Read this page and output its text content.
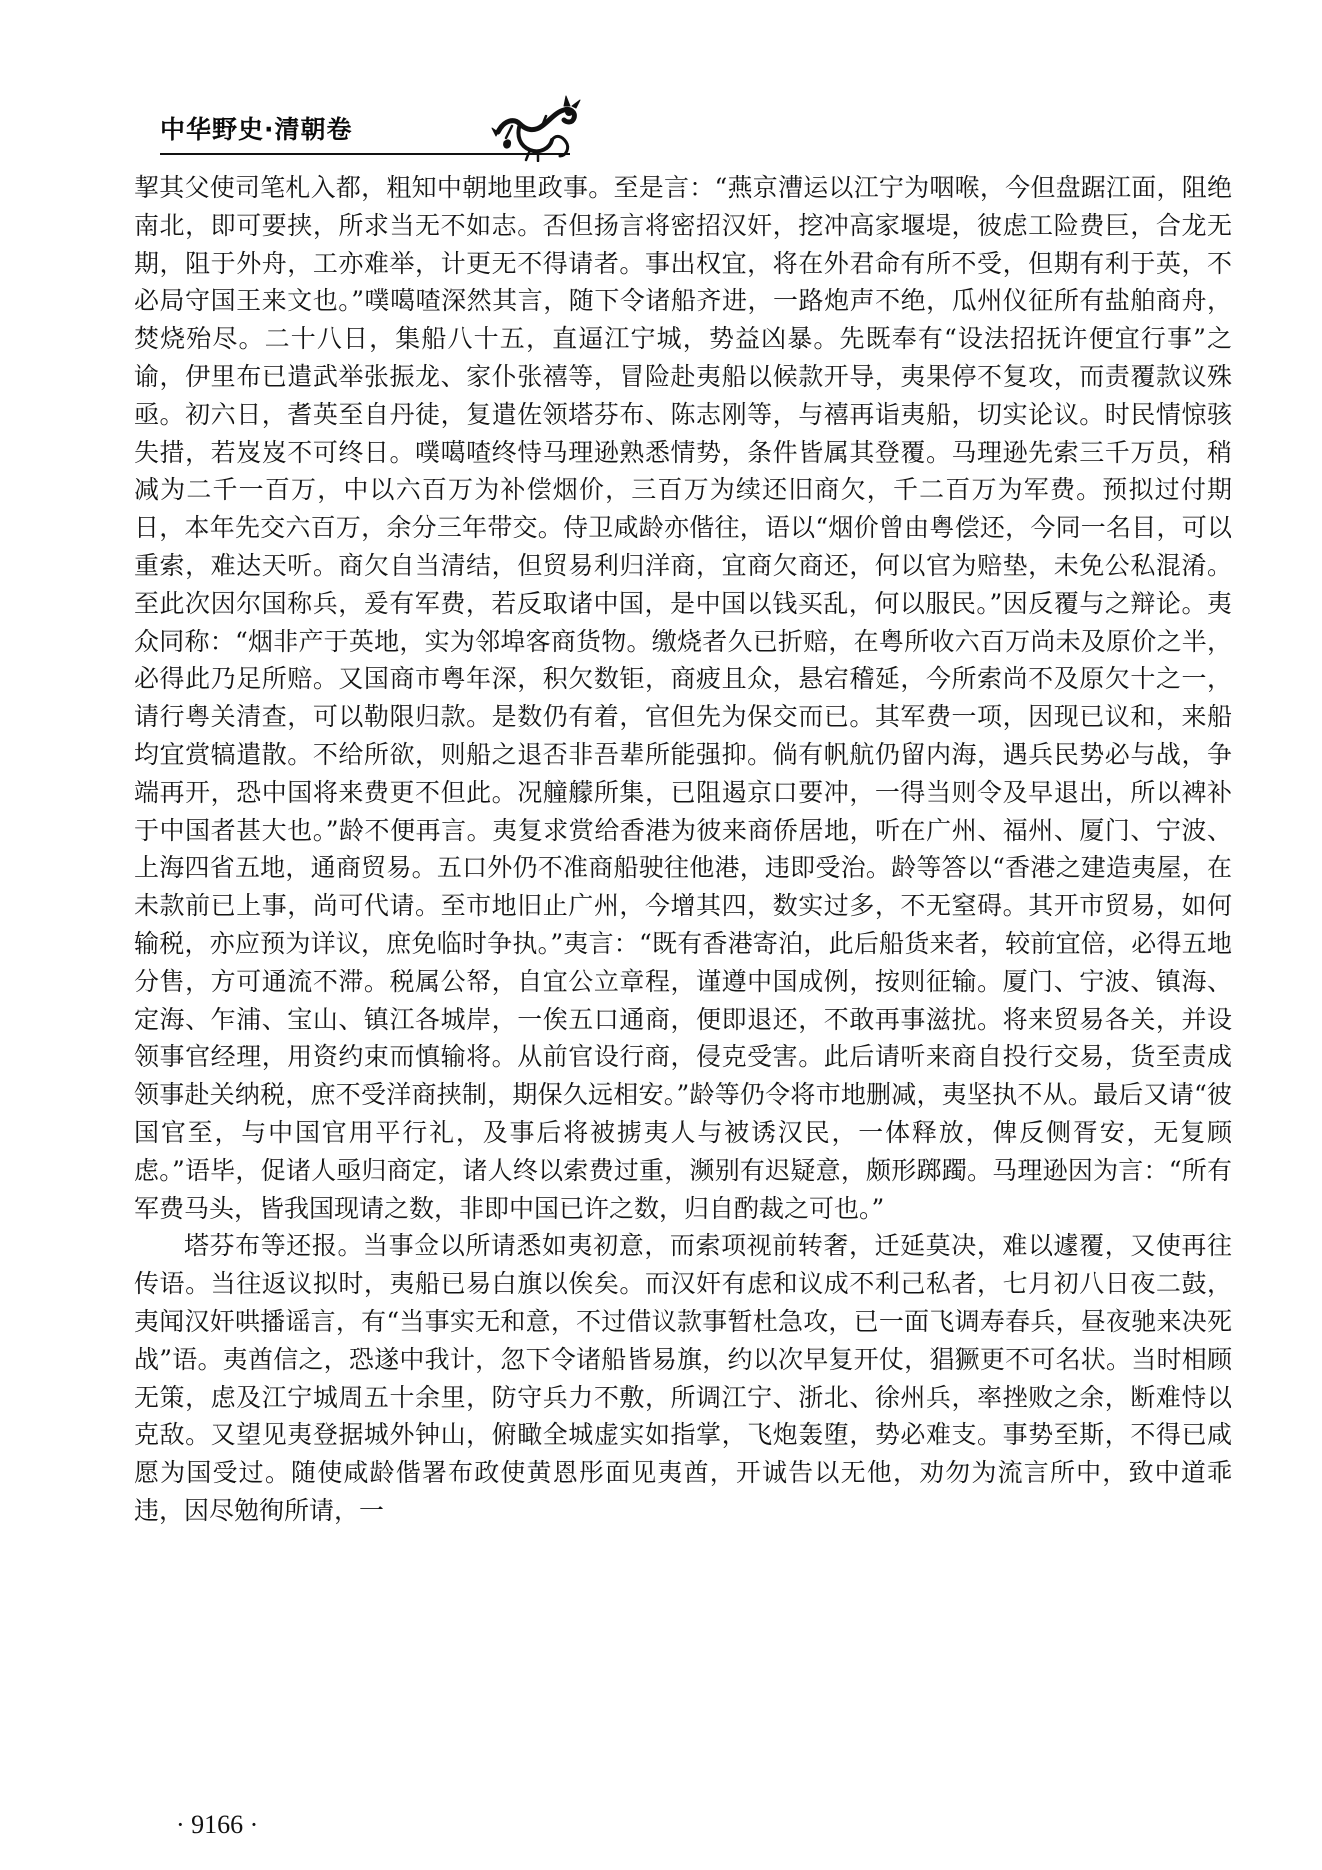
中华野史·清朝卷

挈其父使司笔札入都，粗知中朝地里政事。至是言：“燕京漕运以江宁为咽喉，今但盘踞江面，阻绝南北，即可要挟，所求当无不如志。否但扬言将密招汉奸，挖冲高家堰堤，彼虑工险费巨，合龙无期，阻于外舟，工亦难举，计更无不得请者。事出权宜，将在外君命有所不受，但期有利于英，不必局守国王来文也。”噗噶喳深然其言，随下令诸船齐进，一路炮声不绝，瓜州仪征所有盐舶商舟，焚烧殆尽。二十八日，集船八十五，直逼江宁城，势益凶暴。先既奉有“设法招抚许便宜行事”之谕，伊里布已遣武举张振龙、家仆张禧等，冒险赴夷船以候款开导，夷果停不复攻，而责覆款议殊亟。初六日，耆英至自丹徒，复遣佐领塔芬布、陈志刚等，与禧再诣夷船，切实论议。时民情惊骇失措，若岌岌不可终日。噗噶喳终恃马理逊熟悉情势，条件皆属其登覆。马理逊先索三千万员，稍减为二千一百万，中以六百万为补偿烟价，三百万为续还旧商欠，千二百万为军费。预拟过付期日，本年先交六百万，余分三年带交。侍卫咸龄亦偕往，语以“烟价曾由粤偿还，今同一名目，可以重索，难达天听。商欠自当清结，但贸易利归洋商，宜商欠商还，何以官为赔垫，未免公私混淆。至此次因尔国称兵，爰有军费，若反取诸中国，是中国以钱买乱，何以服民。”因反覆与之辩论。夷众同称：“烟非产于英地，实为邻埠客商货物。缴烧者久已折赔，在粤所收六百万尚未及原价之半，必得此乃足所赔。又国商市粤年深，积欠数钜，商疲且众，悬宕稽延，今所索尚不及原欠十之一，请行粤关清查，可以勒限归款。是数仍有着，官但先为保交而已。其军费一项，因现已议和，来船均宜赏犒遣散。不给所欲，则船之退否非吾辈所能强抑。倘有帆航仍留内海，遇兵民势必与战，争端再开，恐中国将来费更不但此。况艟艨所集，已阻遏京口要冲，一得当则令及早退出，所以裨补于中国者甚大也。”龄不便再言。夷复求赏给香港为彼来商侨居地，听在广州、福州、厦门、宁波、上海四省五地，通商贸易。五口外仍不准商船驶往他港，违即受治。龄等答以“香港之建造夷屋，在未款前已上事，尚可代请。至市地旧止广州，今增其四，数实过多，不无窒碍。其开市贸易，如何输税，亦应预为详议，庶免临时争执。”夷言：“既有香港寄泊，此后船货来者，较前宜倍，必得五地分售，方可通流不滞。税属公帑，自宜公立章程，谨遵中国成例，按则征输。厦门、宁波、镇海、定海、乍浦、宝山、镇江各城岸，一俟五口通商，便即退还，不敢再事滋扰。将来贸易各关，并设领事官经理，用资约束而慎输将。从前官设行商，侵克受害。此后请听来商自投行交易，货至责成领事赴关纳税，庶不受洋商挟制，期保久远相安。”龄等仍令将市地删减，夷坚执不从。最后又请“彼国官至，与中国官用平行礼，及事后将被掳夷人与被诱汉民，一体释放，俾反侧胥安，无复顾虑。”语毕，促诸人亟归商定，诸人终以索费过重，濒别有迟疑意，颇形踯躅。马理逊因为言：“所有军费马头，皆我国现请之数，非即中国已许之数，归自酌裁之可也。”

塔芬布等还报。当事佥以所请悉如夷初意，而索项视前转奢，迁延莫决，难以遽覆，又使再往传语。当往返议拟时，夷船已易白旗以俟矣。而汉奸有虑和议成不利己私者，七月初八日夜二鼓，夷闻汉奸哄播谣言，有“当事实无和意，不过借议款事暂杜急攻，已一面飞调寿春兵，昼夜驰来决死战”语。夷酋信之，恐遂中我计，忽下令诸船皆易旗，约以次早复开仗，猖獗更不可名状。当时相顾无策，虑及江宁城周五十余里，防守兵力不敷，所调江宁、浙北、徐州兵，率挫败之余，断难恃以克敌。又望见夷登据城外钟山，俯瞰全城虚实如指掌，飞炮轰堕，势必难支。事势至斯，不得已咸愿为国受过。随使咸龄偕署布政使黄恩彤面见夷酋，开诚告以无他，劝勿为流言所中，致中道乖违，因尽勉徇所请，一

· 9166 ·
